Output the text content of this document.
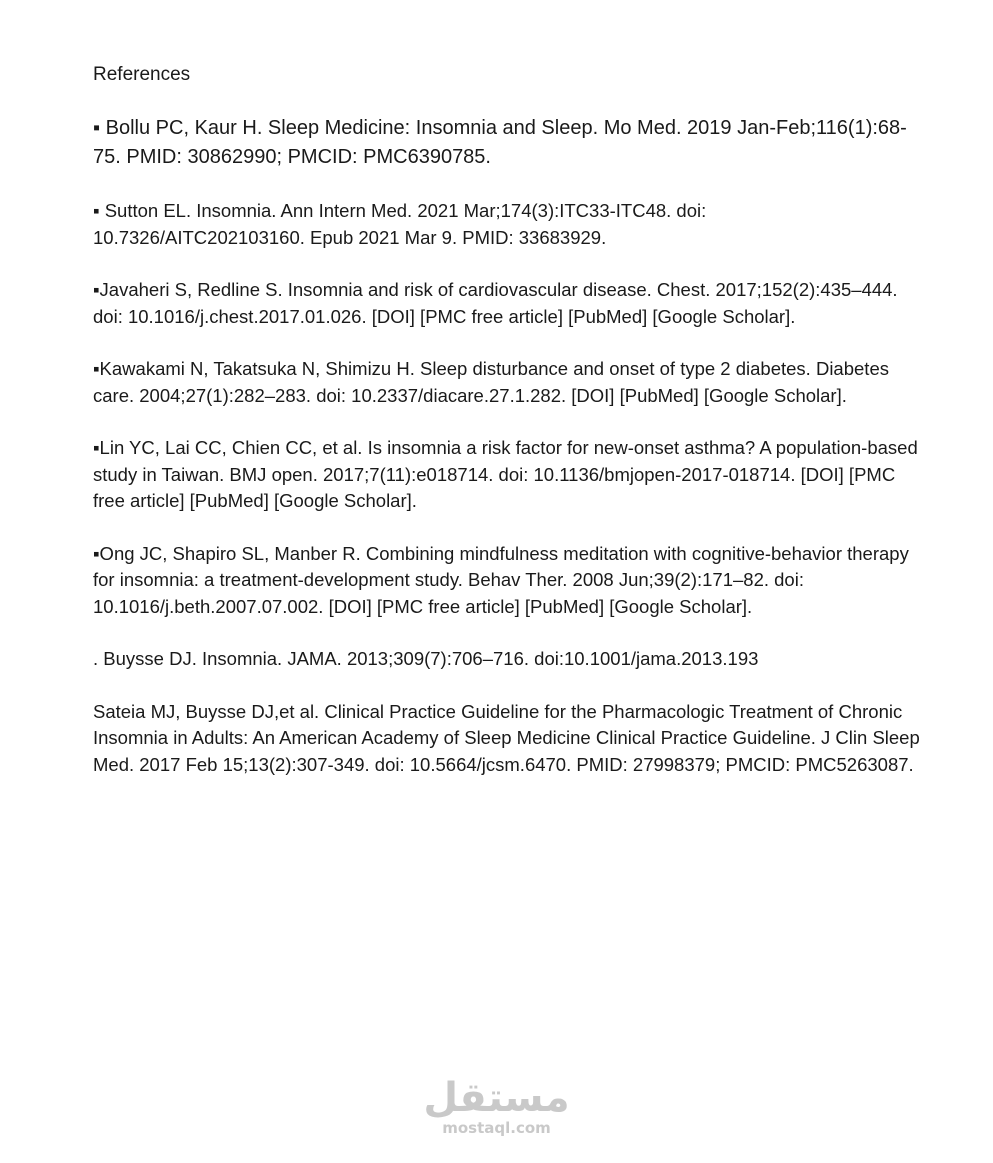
References
▪ Bollu PC, Kaur H. Sleep Medicine: Insomnia and Sleep. Mo Med. 2019 Jan-Feb;116(1):68-75. PMID: 30862990; PMCID: PMC6390785.
▪ Sutton EL. Insomnia. Ann Intern Med. 2021 Mar;174(3):ITC33-ITC48. doi: 10.7326/AITC202103160. Epub 2021 Mar 9. PMID: 33683929.
▪Javaheri S, Redline S. Insomnia and risk of cardiovascular disease. Chest. 2017;152(2):435–444. doi: 10.1016/j.chest.2017.01.026. [DOI] [PMC free article] [PubMed] [Google Scholar].
▪Kawakami N, Takatsuka N, Shimizu H. Sleep disturbance and onset of type 2 diabetes. Diabetes care. 2004;27(1):282–283. doi: 10.2337/diacare.27.1.282. [DOI] [PubMed] [Google Scholar].
▪Lin YC, Lai CC, Chien CC, et al. Is insomnia a risk factor for new-onset asthma? A population-based study in Taiwan. BMJ open. 2017;7(11):e018714. doi: 10.1136/bmjopen-2017-018714. [DOI] [PMC free article] [PubMed] [Google Scholar].
▪Ong JC, Shapiro SL, Manber R. Combining mindfulness meditation with cognitive-behavior therapy for insomnia: a treatment-development study. Behav Ther. 2008 Jun;39(2):171–82. doi: 10.1016/j.beth.2007.07.002. [DOI] [PMC free article] [PubMed] [Google Scholar].
. Buysse DJ. Insomnia. JAMA. 2013;309(7):706–716. doi:10.1001/jama.2013.193
Sateia MJ, Buysse DJ,et al. Clinical Practice Guideline for the Pharmacologic Treatment of Chronic Insomnia in Adults: An American Academy of Sleep Medicine Clinical Practice Guideline. J Clin Sleep Med. 2017 Feb 15;13(2):307-349. doi: 10.5664/jcsm.6470. PMID: 27998379; PMCID: PMC5263087.
مستقل
mostaql.com
